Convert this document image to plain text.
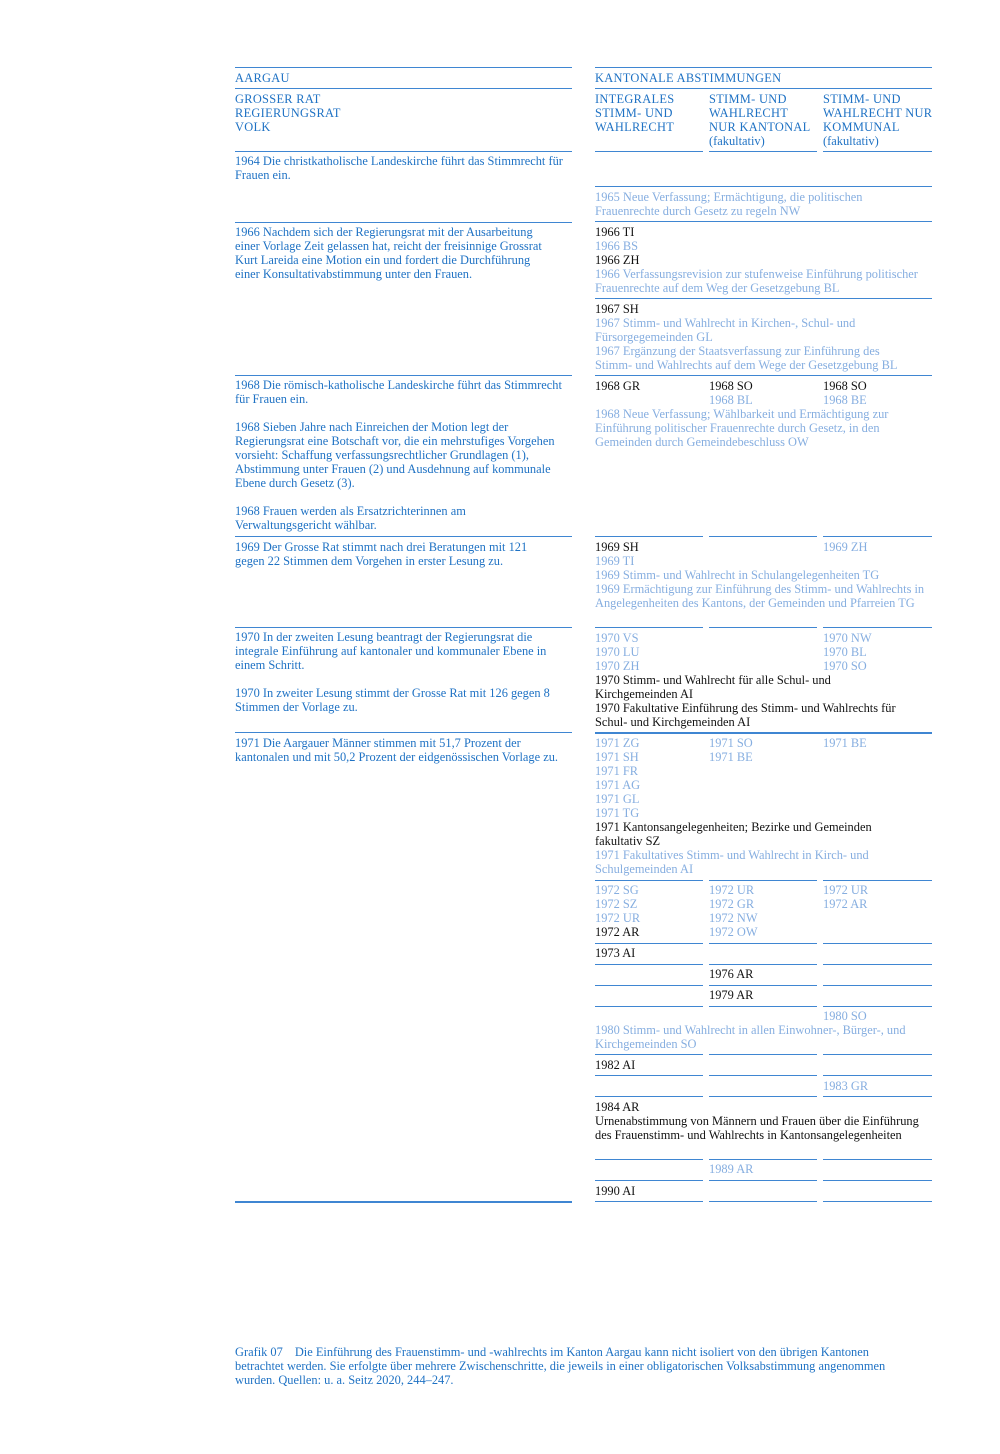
AARGAU

GROSSER RAT

REGIERUNGSRAT

VOLK

1964 Die christkatholische Landeskirche führt das Stimmrecht für Frauen ein.
1966 Nachdem sich der Regierungsrat mit der Ausarbeitung einer Vorlage Zeit gelassen hat, reicht der freisinnige Grossrat Kurt Lareida eine Motion ein und fordert die Durchführung einer Konsultativabstimmung unter den Frauen.

1968 Die römisch-katholische Landeskirche führt das Stimmrecht für Frauen ein.

1968 Sieben Jahre nach Einreichen der Motion legt der Regierungsrat eine Botschaft vor, die ein mehrstufiges Vorgehen vorsieht: Schaffung verfassungsrechtlicher Grundlagen (1), Abstimmung unter Frauen (2) und Ausdehnung auf kommunale Ebene durch Gesetz (3).

1968 Frauen werden als Ersatzrichterinnen am Verwaltungsgericht wählbar.

1969 Der Grosse Rat stimmt nach drei Beratungen mit 121 gegen 22 Stimmen dem Vorgehen in erster Lesung zu.

1970 In der zweiten Lesung beantragt der Regierungsrat die integrale Einführung auf kantonaler und kommunaler Ebene in einem Schritt.

1970 In zweiter Lesung stimmt der Grosse Rat mit 126 gegen 8 Stimmen der Vorlage zu.

1971 Die Aargauer Männer stimmen mit 51,7 Prozent der kantonalen und mit 50,2 Prozent der eidgenössischen Vorlage zu.
KANTONALE ABSTIMMUNGEN

INTEGRALES

STIMM- UND

WAHLRECHT

STIMM- UND

WAHLRECHT

NUR KANTONAL

(fakultativ)

STIMM- UND

WAHLRECHT NUR

KOMMUNAL

(fakultativ)

1965 Neue Verfassung; Ermächtigung, die politischen Frauenrechte durch Gesetz zu regeln NW

1966 TI

1966 BS

1966 ZH

1966 Verfassungsrevision zur stufenweise Einführung politischer Frauenrechte auf dem Weg der Gesetzgebung BL

1967 SH

1967 Stimm- und Wahlrecht in Kirchen-, Schul- und Fürsorgegemeinden GL

1967 Ergänzung der Staatsverfassung zur Einführung des Stimm- und Wahlrechts auf dem Wege der Gesetzgebung BL

1968 GR	1968 SO

1968 BL

1968 SO

1968 BE

1968 Neue Verfassung; Wählbarkeit und Ermächtigung zur Einführung politischer Frauenrechte durch Gesetz, in den Gemeinden durch Gemeindebeschluss OW

1969 SH

1969 TI

1969 ZH

1969 Stimm- und Wahlrecht in Schulangelegenheiten TG

1969 Ermächtigung zur Einführung des Stimm- und Wahlrechts in Angelegenheiten des Kantons, der Gemeinden und Pfarreien TG

1970 VS

1970 LU

1970 ZH

1970 NW

1970 BL

1970 SO

1970 Stimm- und Wahlrecht für alle Schul- und Kirchgemeinden AI

1970 Fakultative Einführung des Stimm- und Wahlrechts für Schul- und Kirchgemeinden AI

1971 ZG

1971 SH

1971 FR

1971 AG

1971 GL

1971 TG

1971 SO

1971 BE

1971 BE

1971 Kantonsangelegenheiten; Bezirke und Gemeinden fakultativ SZ

1971 Fakultatives Stimm- und Wahlrecht in Kirch- und Schulgemeinden AI

1972 SG

1972 SZ

1972 UR

1972 AR

1972 UR

1972 GR

1972 NW

1972 OW

1972 UR

1972 AR

1973 AI
1976 AR
1979 AR
1980 SO
1980 Stimm- und Wahlrecht in allen Einwohner-, Bürger-, und Kirchgemeinden SO
1982 AI
1983 GR

1984 AR

Urnenabstimmung von Männern und Frauen über die Einführung des Frauenstimm- und Wahlrechts in Kantonsangelegenheiten

1989 AR
1990 AI
Grafik 07 Die Einführung des Frauenstimm- und -wahlrechts im Kanton Aargau kann nicht isoliert von den übrigen Kantonen betrachtet werden. Sie erfolgte über mehrere Zwischenschritte, die jeweils in einer obligatorischen Volksabstimmung angenommen wurden. Quellen: u. a. Seitz 2020, 244–247.
